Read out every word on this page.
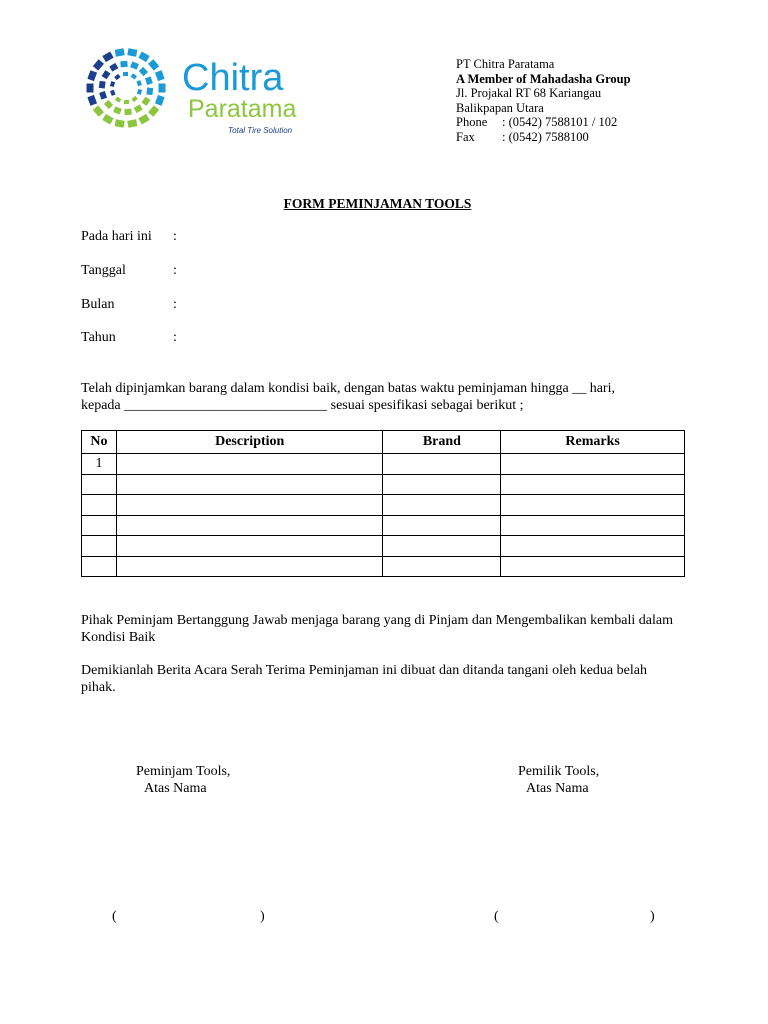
Chitra
Paratama
Total Tire Solution
PT Chitra Paratama
A Member of Mahadasha Group
Jl. Projakal RT 68 Kariangau
Balikpapan Utara
Phone	: (0542) 7588101 / 102
Fax	: (0542) 7588100
FORM PEMINJAMAN TOOLS
Pada hari ini :
Tanggal	:
Bulan	:
Tahun	:
Telah dipinjamkan barang dalam kondisi baik, dengan batas waktu peminjaman hingga __ hari,
kepada _____________________________ sesuai spesifikasi sebagai berikut ;
No	Description	Brand	Remarks
1			

Pihak Peminjam Bertanggung Jawab menjaga barang yang di Pinjam dan Mengembalikan kembali dalam Kondisi Baik
Demikianlah Berita Acara Serah Terima Peminjaman ini dibuat dan ditanda tangani oleh kedua belah pihak.
Peminjam Tools,
Atas Nama
Pemilik Tools,
Atas Nama
(	)	(	)
